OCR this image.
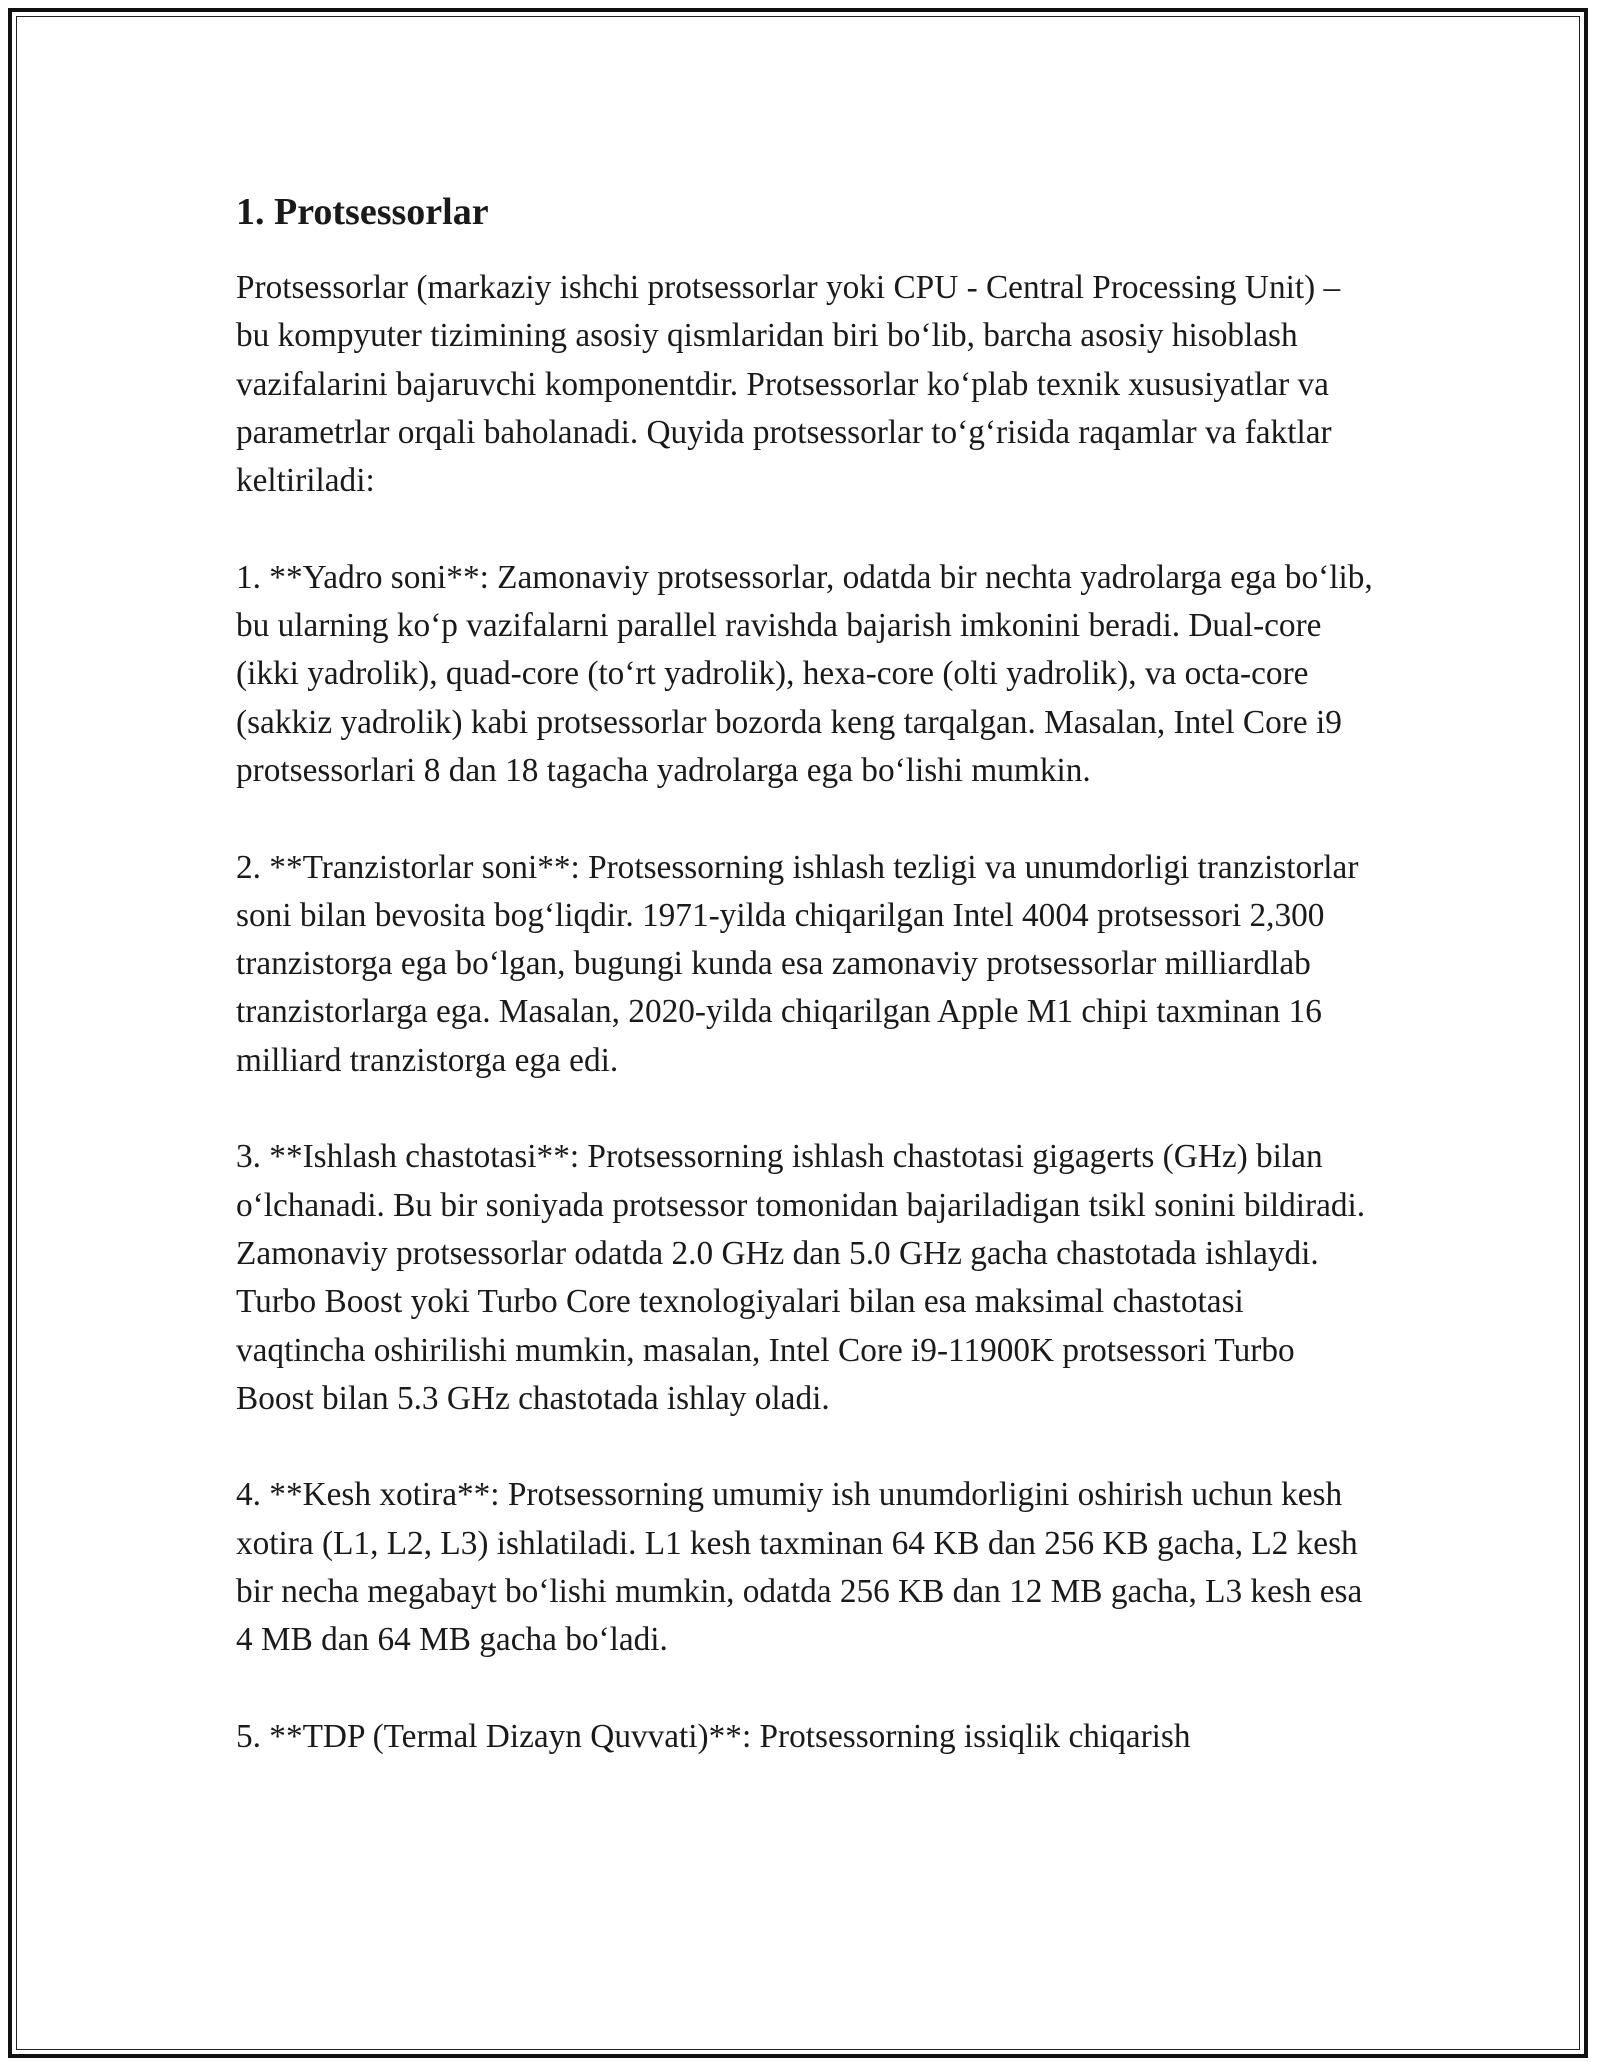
1. Protsessorlar

Protsessorlar (markaziy ishchi protsessorlar yoki CPU - Central Processing Unit) – bu kompyuter tizimining asosiy qismlaridan biri bo‘lib, barcha asosiy hisoblash vazifalarini bajaruvchi komponentdir. Protsessorlar ko‘plab texnik xususiyatlar va parametrlar orqali baholanadi. Quyida protsessorlar to‘g‘risida raqamlar va faktlar keltiriladi:

1. **Yadro soni**: Zamonaviy protsessorlar, odatda bir nechta yadrolarga ega bo‘lib, bu ularning ko‘p vazifalarni parallel ravishda bajarish imkonini beradi. Dual-core (ikki yadrolik), quad-core (to‘rt yadrolik), hexa-core (olti yadrolik), va octa-core (sakkiz yadrolik) kabi protsessorlar bozorda keng tarqalgan. Masalan, Intel Core i9 protsessorlari 8 dan 18 tagacha yadrolarga ega bo‘lishi mumkin.

2. **Tranzistorlar soni**: Protsessorning ishlash tezligi va unumdorligi tranzistorlar soni bilan bevosita bog‘liqdir. 1971-yilda chiqarilgan Intel 4004 protsessori 2,300 tranzistorga ega bo‘lgan, bugungi kunda esa zamonaviy protsessorlar milliardlab tranzistorlarga ega. Masalan, 2020-yilda chiqarilgan Apple M1 chipi taxminan 16 milliard tranzistorga ega edi.

3. **Ishlash chastotasi**: Protsessorning ishlash chastotasi gigagerts (GHz) bilan o‘lchanadi. Bu bir soniyada protsessor tomonidan bajariladigan tsikl sonini bildiradi. Zamonaviy protsessorlar odatda 2.0 GHz dan 5.0 GHz gacha chastotada ishlaydi. Turbo Boost yoki Turbo Core texnologiyalari bilan esa maksimal chastotasi vaqtincha oshirilishi mumkin, masalan, Intel Core i9-11900K protsessori Turbo Boost bilan 5.3 GHz chastotada ishlay oladi.

4. **Kesh xotira**: Protsessorning umumiy ish unumdorligini oshirish uchun kesh xotira (L1, L2, L3) ishlatiladi. L1 kesh taxminan 64 KB dan 256 KB gacha, L2 kesh bir necha megabayt bo‘lishi mumkin, odatda 256 KB dan 12 MB gacha, L3 kesh esa 4 MB dan 64 MB gacha bo‘ladi.

5. **TDP (Termal Dizayn Quvvati)**: Protsessorning issiqlik chiqarish
